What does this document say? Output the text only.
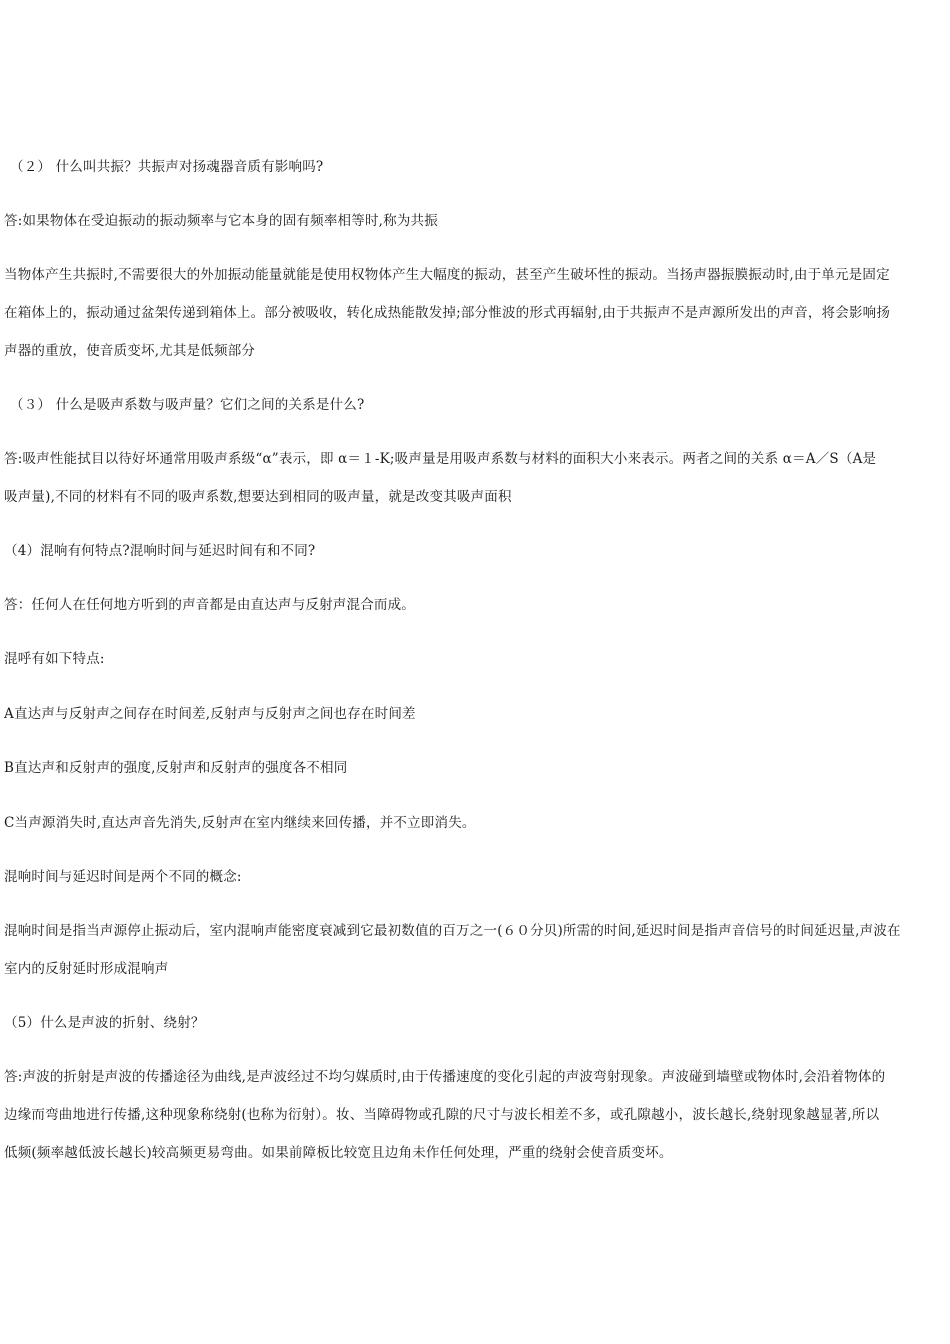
（２） 什么叫共振？共振声对扬魂器音质有影响吗?
答:如果物体在受迫振动的振动频率与它本身的固有频率相等时,称为共振
当物体产生共振时,不需要很大的外加振动能量就能是使用权物体产生大幅度的振动，甚至产生破坏性的振动。当扬声器振膜振动时,由于单元是固定
在箱体上的，振动通过盆架传递到箱体上。部分被吸收，转化成热能散发掉;部分惟波的形式再辐射,由于共振声不是声源所发出的声音，将会影响扬
声器的重放，使音质变坏,尤其是低频部分
（３） 什么是吸声系数与吸声量？它们之间的关系是什么?
答:吸声性能拭目以待好坏通常用吸声系级“α”表示，即 α＝１-K;吸声量是用吸声系数与材料的面积大小来表示。两者之间的关系 α＝A／S（A是
吸声量),不同的材料有不同的吸声系数,想要达到相同的吸声量，就是改变其吸声面积
（4）混响有何特点?混响时间与延迟时间有和不同?
答：任何人在任何地方听到的声音都是由直达声与反射声混合而成。
混呼有如下特点:
A直达声与反射声之间存在时间差,反射声与反射声之间也存在时间差
B直达声和反射声的强度,反射声和反射声的强度各不相同
C当声源消失时,直达声音先消失,反射声在室内继续来回传播，并不立即消失。
混响时间与延迟时间是两个不同的概念:
混响时间是指当声源停止振动后，室内混响声能密度衰减到它最初数值的百万之一(６０分贝)所需的时间,延迟时间是指声音信号的时间延迟量,声波在
室内的反射延时形成混响声
（5）什么是声波的折射、绕射？
答:声波的折射是声波的传播途径为曲线,是声波经过不均匀媒质时,由于传播速度的变化引起的声波弯射现象。声波碰到墙壁或物体时,会沿着物体的
边缘而弯曲地进行传播,这种现象称绕射(也称为衍射）。妆、当障碍物或孔隙的尺寸与波长相差不多，或孔隙越小，波长越长,绕射现象越显著,所以
低频(频率越低波长越长)较高频更易弯曲。如果前障板比较宽且边角未作任何处理，严重的绕射会使音质变坏。
